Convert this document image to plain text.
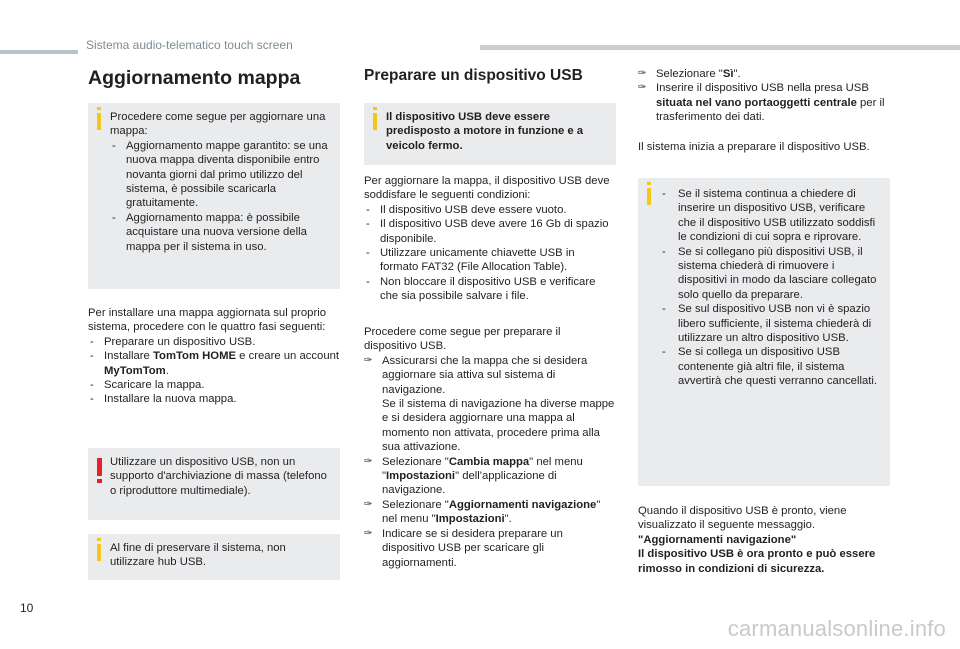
Sistema audio-telematico touch screen
Aggiornamento mappa

Procedere come segue per aggiornare una mappa:

- Aggiornamento mappe garantito: se una nuova mappa diventa disponibile entro novanta giorni dal primo utilizzo del sistema, è possibile scaricarla gratuitamente.
- Aggiornamento mappa: è possibile acquistare una nuova versione della mappa per il sistema in uso.

Per installare una mappa aggiornata sul proprio sistema, procedere con le quattro fasi seguenti:

- Preparare un dispositivo USB.
- Installare TomTom HOME e creare un account MyTomTom.
- Scaricare la mappa.
- Installare la nuova mappa.

Utilizzare un dispositivo USB, non un supporto d'archiviazione di massa (telefono o riproduttore multimediale).

Al fine di preservare il sistema, non utilizzare hub USB.

Preparare un dispositivo USB

Il dispositivo USB deve essere predisposto a motore in funzione e a veicolo fermo.

Per aggiornare la mappa, il dispositivo USB deve soddisfare le seguenti condizioni:

- Il dispositivo USB deve essere vuoto.
- Il dispositivo USB deve avere 16 Gb di spazio disponibile.
- Utilizzare unicamente chiavette USB in formato FAT32 (File Allocation Table).
- Non bloccare il dispositivo USB e verificare che sia possibile salvare i file.

Procedere come segue per preparare il dispositivo USB.

✑ Assicurarsi che la mappa che si desidera aggiornare sia attiva sul sistema di navigazione.
Se il sistema di navigazione ha diverse mappe e si desidera aggiornare una mappa al momento non attivata, procedere prima alla sua attivazione.
✑ Selezionare "Cambia mappa" nel menu "Impostazioni" dell'applicazione di navigazione.
✑ Selezionare "Aggiornamenti navigazione" nel menu "Impostazioni".
✑ Indicare se si desidera preparare un dispositivo USB per scaricare gli aggiornamenti.
✑ Selezionare "Sì".
✑ Inserire il dispositivo USB nella presa USB situata nel vano portaoggetti centrale per il trasferimento dei dati.

Il sistema inizia a preparare il dispositivo USB.

- Se il sistema continua a chiedere di inserire un dispositivo USB, verificare che il dispositivo USB utilizzato soddisfi le condizioni di cui sopra e riprovare.
- Se si collegano più dispositivi USB, il sistema chiederà di rimuovere i dispositivi in modo da lasciare collegato solo quello da preparare.
- Se sul dispositivo USB non vi è spazio libero sufficiente, il sistema chiederà di utilizzare un altro dispositivo USB.
- Se si collega un dispositivo USB contenente già altri file, il sistema avvertirà che questi verranno cancellati.

Quando il dispositivo USB è pronto, viene visualizzato il seguente messaggio.

"Aggiornamenti navigazione"

Il dispositivo USB è ora pronto e può essere rimosso in condizioni di sicurezza.

10
carmanualsonline.info
